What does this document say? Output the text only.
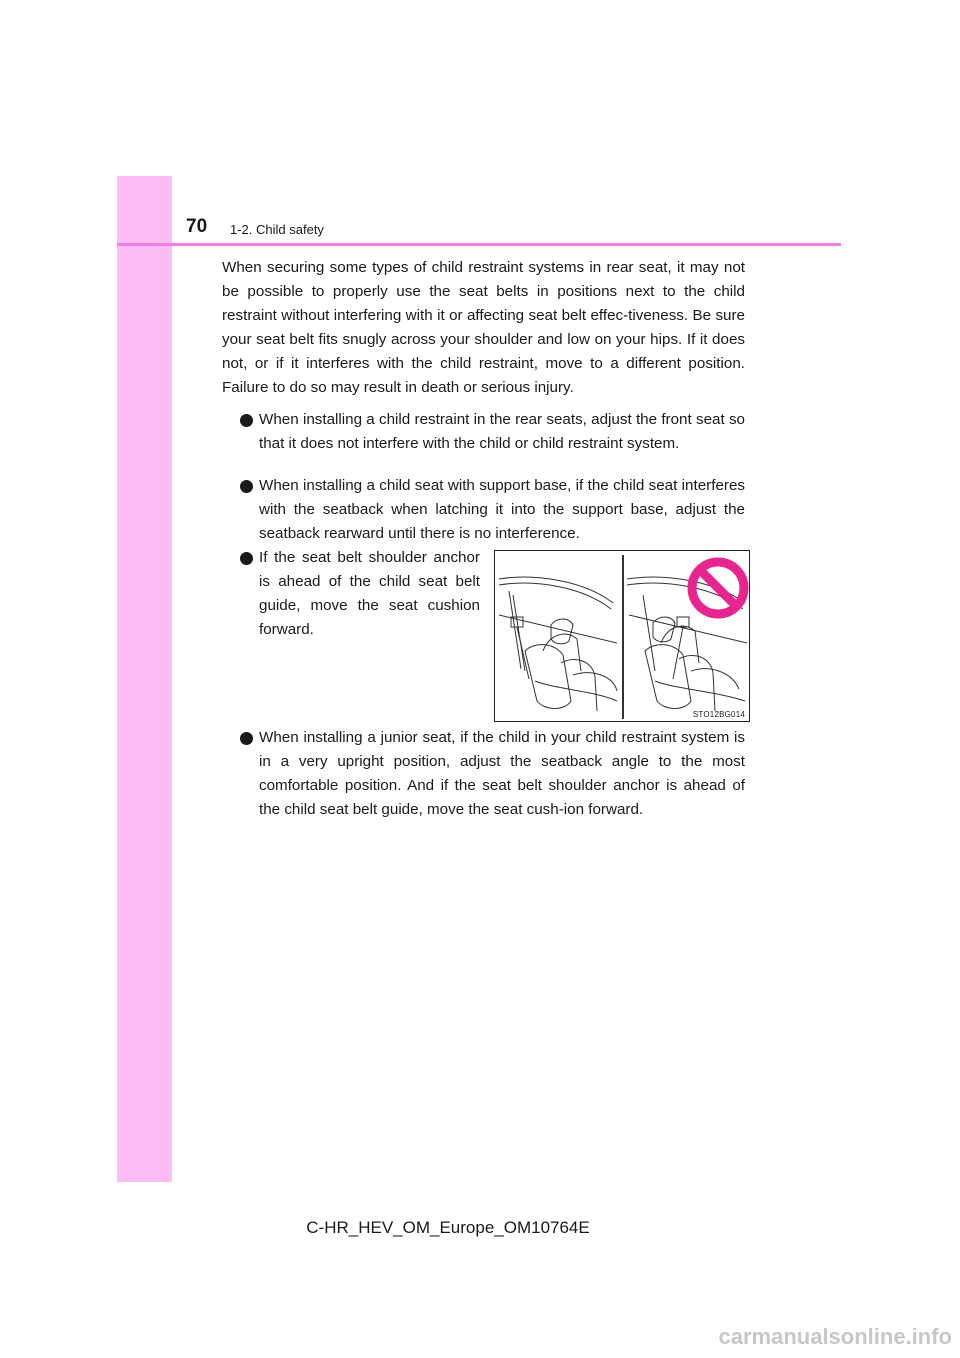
70 1-2. Child safety
When securing some types of child restraint systems in rear seat, it may not be possible to properly use the seat belts in positions next to the child restraint without interfering with it or affecting seat belt effec-tiveness. Be sure your seat belt fits snugly across your shoulder and low on your hips. If it does not, or if it interferes with the child restraint, move to a different position. Failure to do so may result in death or serious injury.
When installing a child restraint in the rear seats, adjust the front seat so that it does not interfere with the child or child restraint system.
When installing a child seat with support base, if the child seat interferes with the seatback when latching it into the support base, adjust the seatback rearward until there is no interference.
If the seat belt shoulder anchor is ahead of the child seat belt guide, move the seat cushion forward.
STO12BG014
When installing a junior seat, if the child in your child restraint system is in a very upright position, adjust the seatback angle to the most comfortable position. And if the seat belt shoulder anchor is ahead of the child seat belt guide, move the seat cush-ion forward.
C-HR_HEV_OM_Europe_OM10764E
carmanualsonline.info
